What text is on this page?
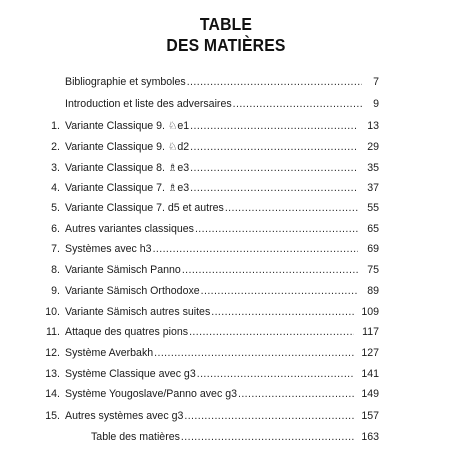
TABLE
DES MATIÈRES
Bibliographie et symboles .....	7
Introduction et liste des adversaires .....	9
1. Variante Classique 9. ♘e1 .....	13
2. Variante Classique 9. ♘d2 .....	29
3. Variante Classique 8. ♗e3 .....	35
4. Variante Classique 7. ♗e3 .....	37
5. Variante Classique 7. d5 et autres .....	55
6. Autres variantes classiques .....	65
7. Systèmes avec h3 .....	69
8. Variante Sämisch Panno .....	75
9. Variante Sämisch Orthodoxe .....	89
10. Variante Sämisch autres suites .....	109
11. Attaque des quatres pions .....	117
12. Système Averbakh .....	127
13. Système Classique avec g3 .....	141
14. Système Yougoslave/Panno avec g3 .....	149
15. Autres systèmes avec g3 .....	157
Table des matières .....	163
